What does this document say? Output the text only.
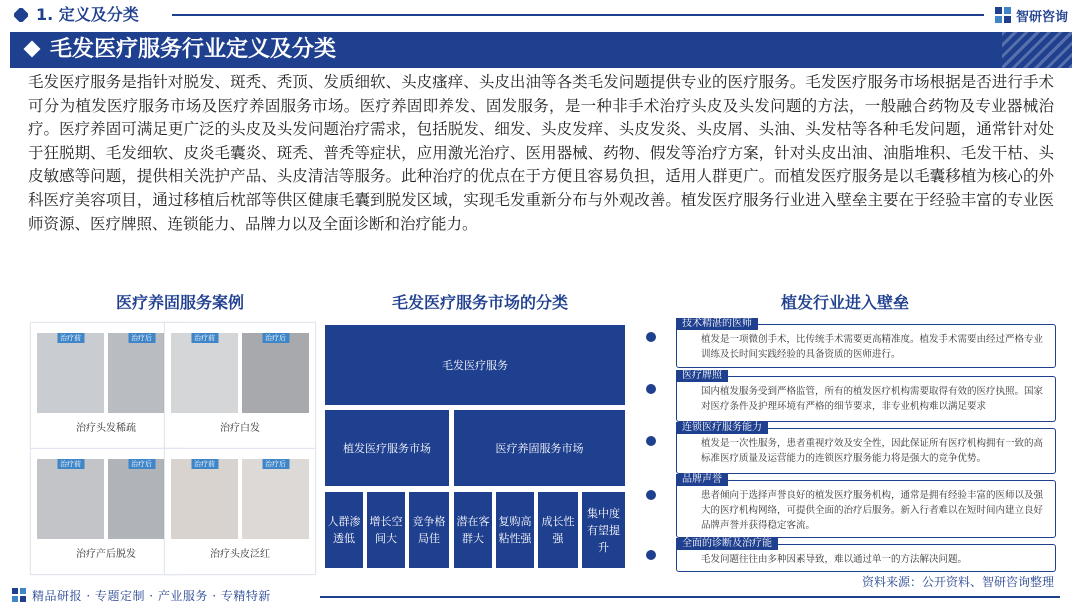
1. 定义及分类	智研咨询
毛发医疗服务行业定义及分类
毛发医疗服务是指针对脱发、斑秃、秃顶、发质细软、头皮瘙痒、头皮出油等各类毛发问题提供专业的医疗服务。毛发医疗服务市场根据是否进行手术可分为植发医疗服务市场及医疗养固服务市场。医疗养固即养发、固发服务，是一种非手术治疗头皮及头发问题的方法，一般融合药物及专业器械治疗。医疗养固可满足更广泛的头皮及头发问题治疗需求，包括脱发、细发、头皮发痒、头皮发炎、头皮屑、头油、头发枯等各种毛发问题，通常针对处于狂脱期、毛发细软、皮炎毛囊炎、斑秃、普秃等症状，应用激光治疗、医用器械、药物、假发等治疗方案，针对头皮出油、油脂堆积、毛发干枯、头皮敏感等问题，提供相关洗护产品、头皮清洁等服务。此种治疗的优点在于方便且容易负担，适用人群更广。而植发医疗服务是以毛囊移植为核心的外科医疗美容项目，通过移植后枕部等供区健康毛囊到脱发区域，实现毛发重新分布与外观改善。植发医疗服务行业进入壁垒主要在于经验丰富的专业医师资源、医疗牌照、连锁能力、品牌力以及全面诊断和治疗能力。
医疗养固服务案例	毛发医疗服务市场的分类	植发行业进入壁垒
治疗前	治疗后
治疗头发稀疏
治疗前	治疗后
治疗白发
治疗前	治疗后
治疗产后脱发
治疗前	治疗后
治疗头皮泛红
毛发医疗服务
植发医疗服务市场	医疗养固服务市场
人群渗透低
增长空间大
竞争格局佳
潜在客群大
复购高粘性强
成长性强
集中度有望提升
植发是一项微创手术，比传统手术需要更高精准度。植发手术需要由经过严格专业训练及长时间实践经验的具备资质的医师进行。
技术精湛的医师
国内植发服务受到严格监管，所有的植发医疗机构需要取得有效的医疗执照。国家对医疗条件及护理环境有严格的细节要求，非专业机构难以满足要求
医疗牌照
植发是一次性服务，患者重视疗效及安全性，因此保证所有医疗机构拥有一致的高标准医疗质量及运营能力的连锁医疗服务能力将是强大的竞争优势。
连锁医疗服务能力
患者倾向于选择声誉良好的植发医疗服务机构，通常是拥有经验丰富的医师以及强大的医疗机构网络，可提供全面的治疗后服务。新入行者难以在短时间内建立良好品牌声誉并获得稳定客流。
品牌声誉
毛发问题往往由多种因素导致，难以通过单一的方法解决问题。
全面的诊断及治疗能
资料来源：公开资料、智研咨询整理
精品研报 · 专题定制 · 产业服务 · 专精特新
